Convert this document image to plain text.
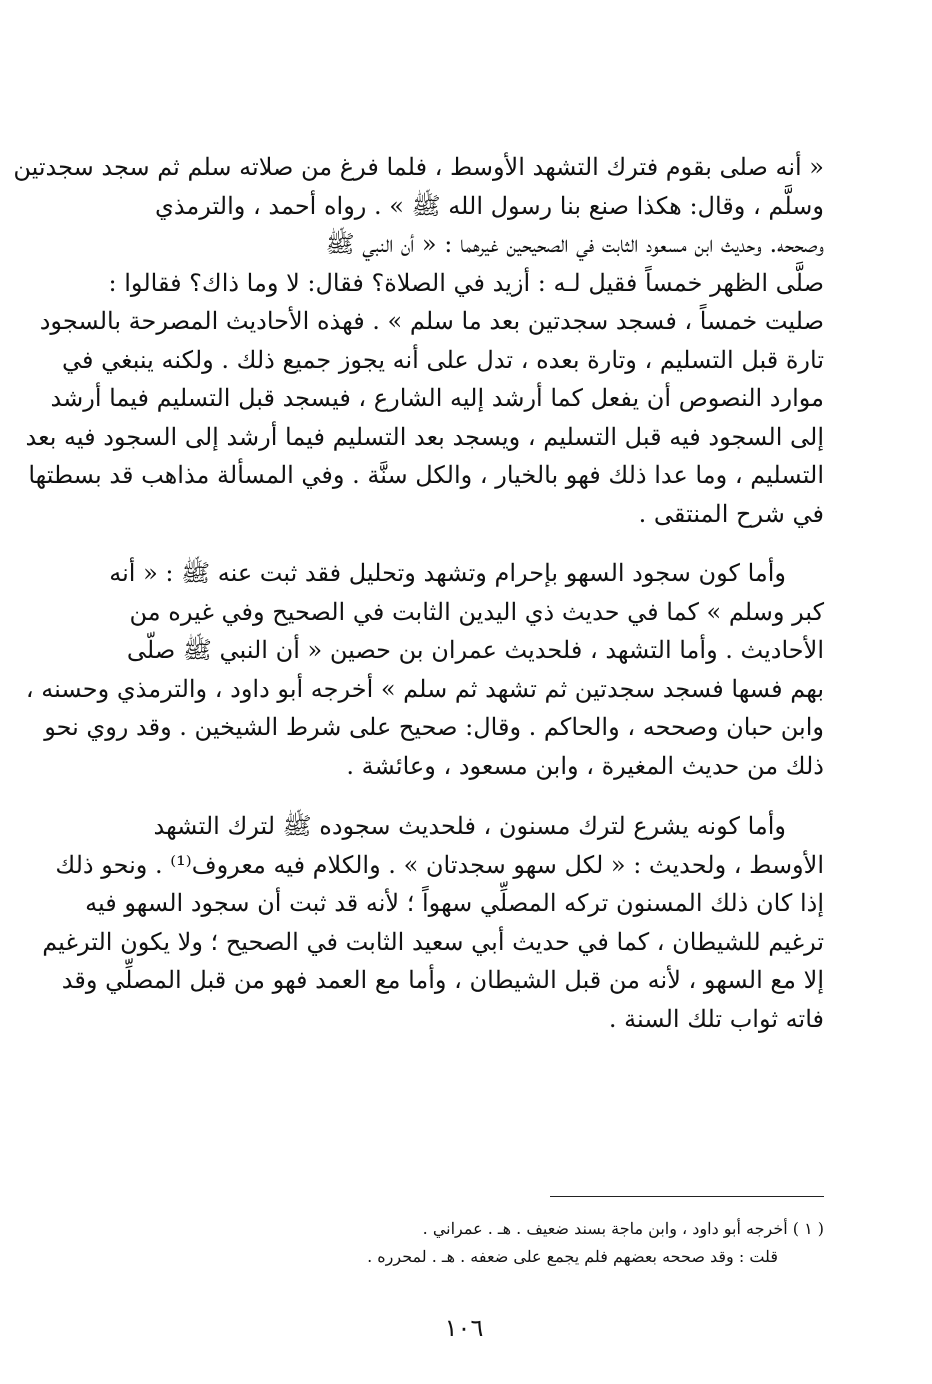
« أنه صلى بقوم فترك التشهد الأوسط ، فلما فرغ من صلاته سلم ثم سجد سجدتين
وسلَّم ، وقال: هكذا صنع بنا رسول الله ﷺ » . رواه أحمد ، والترمذي
وصححه. وحديث ابن مسعود الثابت في الصحيحين غيرهما : « أن النبي ﷺ
صلَّى الظهر خمساً فقيل لـه : أزيد في الصلاة؟ فقال: لا وما ذاك؟ فقالوا :
صليت خمساً ، فسجد سجدتين بعد ما سلم » . فهذه الأحاديث المصرحة بالسجود
تارة قبل التسليم ، وتارة بعده ، تدل على أنه يجوز جميع ذلك . ولكنه ينبغي في
موارد النصوص أن يفعل كما أرشد إليه الشارع ، فيسجد قبل التسليم فيما أرشد
إلى السجود فيه قبل التسليم ، ويسجد بعد التسليم فيما أرشد إلى السجود فيه بعد
التسليم ، وما عدا ذلك فهو بالخيار ، والكل سنَّة . وفي المسألة مذاهب قد بسطتها
في شرح المنتقى .

وأما كون سجود السهو بإحرام وتشهد وتحليل فقد ثبت عنه ﷺ : « أنه
كبر وسلم » كما في حديث ذي اليدين الثابت في الصحيح وفي غيره من
الأحاديث . وأما التشهد ، فلحديث عمران بن حصين « أن النبي ﷺ صلّى
بهم فسها فسجد سجدتين ثم تشهد ثم سلم » أخرجه أبو داود ، والترمذي وحسنه ،
وابن حبان وصححه ، والحاكم . وقال: صحيح على شرط الشيخين . وقد روي نحو
ذلك من حديث المغيرة ، وابن مسعود ، وعائشة .

وأما كونه يشرع لترك مسنون ، فلحديث سجوده ﷺ لترك التشهد
الأوسط ، ولحديث : « لكل سهو سجدتان » . والكلام فيه معروف⁽¹⁾ . ونحو ذلك
إذا كان ذلك المسنون تركه المصلِّي سهواً ؛ لأنه قد ثبت أن سجود السهو فيه
ترغيم للشيطان ، كما في حديث أبي سعيد الثابت في الصحيح ؛ ولا يكون الترغيم
إلا مع السهو ، لأنه من قبل الشيطان ، وأما مع العمد فهو من قبل المصلِّي وقد
فاته ثواب تلك السنة .

( ١ ) أخرجه أبو داود ، وابن ماجة بسند ضعيف . هـ . عمراني .
قلت : وقد صححه بعضهم فلم يجمع على ضعفه . هـ . لمحرره .
١٠٦
